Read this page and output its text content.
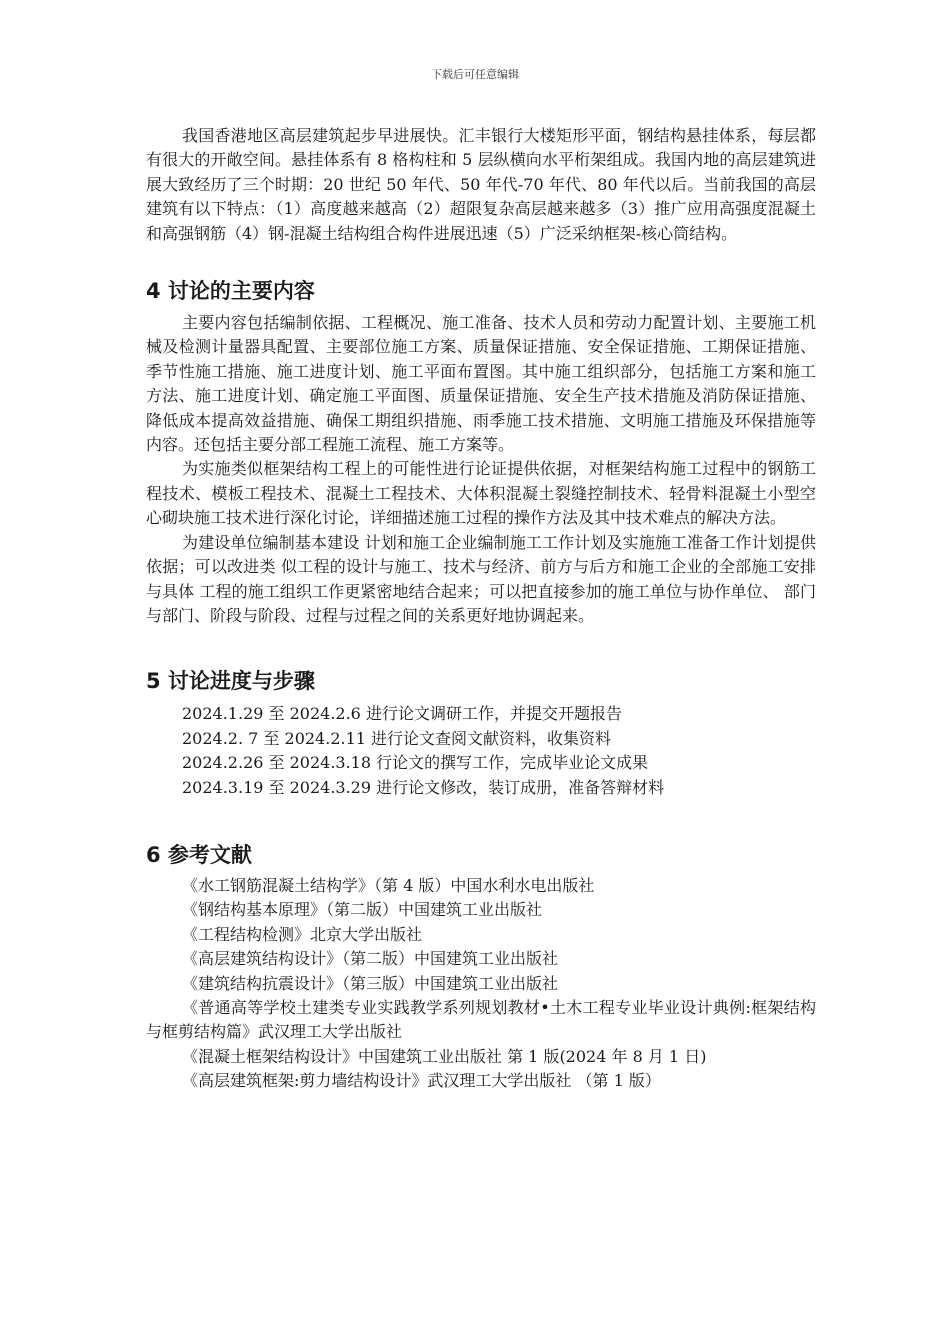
下载后可任意编辑

我国香港地区高层建筑起步早进展快。汇丰银行大楼矩形平面，钢结构悬挂体系，每层都有很大的开敞空间。悬挂体系有 8 格构柱和 5 层纵横向水平桁架组成。我国内地的高层建筑进展大致经历了三个时期：20 世纪 50 年代、50 年代-70 年代、80 年代以后。当前我国的高层建筑有以下特点：（1）高度越来越高（2）超限复杂高层越来越多（3）推广应用高强度混凝土和高强钢筋（4）钢-混凝土结构组合构件进展迅速（5）广泛采纳框架-核心筒结构。

4 讨论的主要内容

主要内容包括编制依据、工程概况、施工准备、技术人员和劳动力配置计划、主要施工机械及检测计量器具配置、主要部位施工方案、质量保证措施、安全保证措施、工期保证措施、季节性施工措施、施工进度计划、施工平面布置图。其中施工组织部分，包括施工方案和施工方法、施工进度计划、确定施工平面图、质量保证措施、安全生产技术措施及消防保证措施、降低成本提高效益措施、确保工期组织措施、雨季施工技术措施、文明施工措施及环保措施等内容。还包括主要分部工程施工流程、施工方案等。

为实施类似框架结构工程上的可能性进行论证提供依据，对框架结构施工过程中的钢筋工程技术、模板工程技术、混凝土工程技术、大体积混凝土裂缝控制技术、轻骨料混凝土小型空心砌块施工技术进行深化讨论，详细描述施工过程的操作方法及其中技术难点的解决方法。

为建设单位编制基本建设 计划和施工企业编制施工工作计划及实施施工准备工作计划提供依据；可以改进类 似工程的设计与施工、技术与经济、前方与后方和施工企业的全部施工安排与具体 工程的施工组织工作更紧密地结合起来；可以把直接参加的施工单位与协作单位、 部门与部门、阶段与阶段、过程与过程之间的关系更好地协调起来。

5 讨论进度与步骤

2024.1.29 至 2024.2.6 进行论文调研工作，并提交开题报告

2024.2. 7 至 2024.2.11 进行论文查阅文献资料，收集资料

2024.2.26 至 2024.3.18 行论文的撰写工作，完成毕业论文成果

2024.3.19 至 2024.3.29 进行论文修改，装订成册，准备答辩材料

6 参考文献

《水工钢筋混凝土结构学》（第 4 版）中国水利水电出版社

《钢结构基本原理》（第二版）中国建筑工业出版社

《工程结构检测》北京大学出版社

《高层建筑结构设计》（第二版）中国建筑工业出版社

《建筑结构抗震设计》（第三版）中国建筑工业出版社

《普通高等学校土建类专业实践教学系列规划教材•土木工程专业毕业设计典例:框架结构与框剪结构篇》武汉理工大学出版社

《混凝土框架结构设计》中国建筑工业出版社 第 1 版(2024 年 8 月 1 日)

《高层建筑框架:剪力墙结构设计》武汉理工大学出版社 （第 1 版）
